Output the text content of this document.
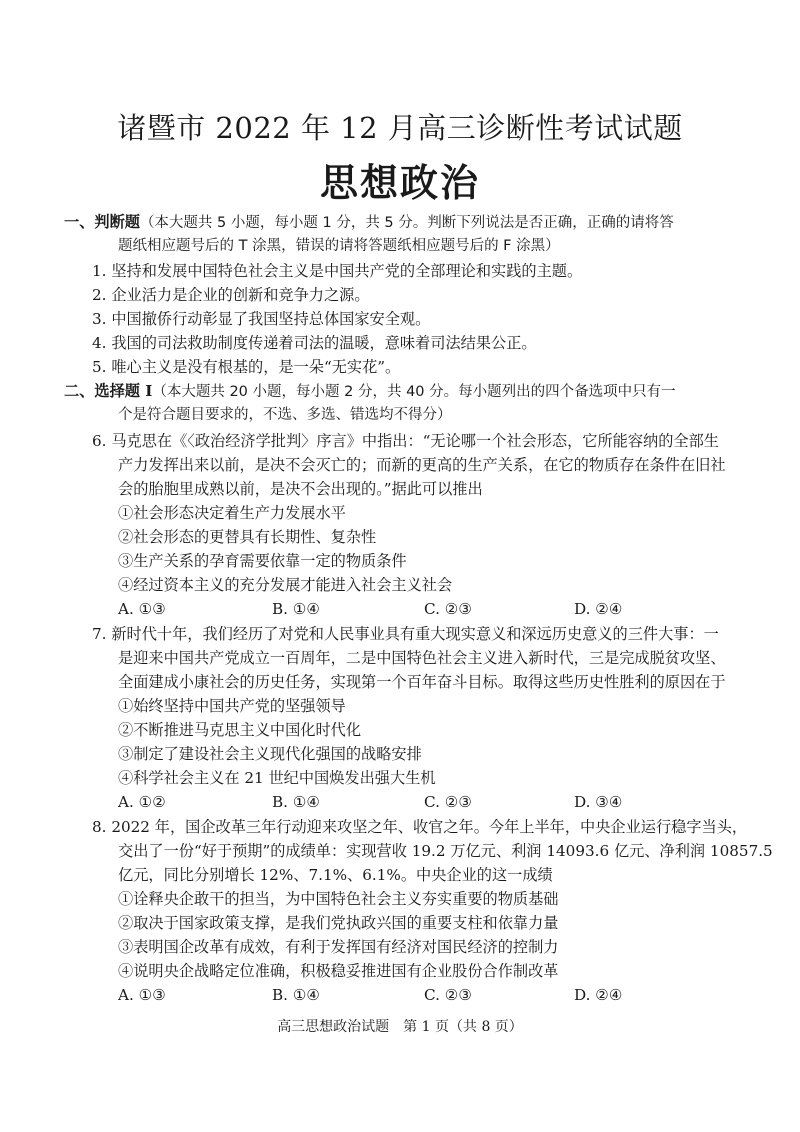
诸暨市 2022 年 12 月高三诊断性考试试题
思想政治
一、判断题（本大题共 5 小题，每小题 1 分，共 5 分。判断下列说法是否正确，正确的请将答
题纸相应题号后的 T 涂黑，错误的请将答题纸相应题号后的 F 涂黑）
1. 坚持和发展中国特色社会主义是中国共产党的全部理论和实践的主题。
2. 企业活力是企业的创新和竞争力之源。
3. 中国撤侨行动彰显了我国坚持总体国家安全观。
4. 我国的司法救助制度传递着司法的温暖，意味着司法结果公正。
5. 唯心主义是没有根基的，是一朵“无实花”。
二、选择题 I（本大题共 20 小题，每小题 2 分，共 40 分。每小题列出的四个备选项中只有一
个是符合题目要求的，不选、多选、错选均不得分）
6. 马克思在《〈政治经济学批判〉序言》中指出：“无论哪一个社会形态，它所能容纳的全部生
产力发挥出来以前，是决不会灭亡的；而新的更高的生产关系，在它的物质存在条件在旧社
会的胎胞里成熟以前，是决不会出现的。”据此可以推出
①社会形态决定着生产力发展水平
②社会形态的更替具有长期性、复杂性
③生产关系的孕育需要依靠一定的物质条件
④经过资本主义的充分发展才能进入社会主义社会
A. ①③	B. ①④	C. ②③	D. ②④
7. 新时代十年，我们经历了对党和人民事业具有重大现实意义和深远历史意义的三件大事：一
是迎来中国共产党成立一百周年，二是中国特色社会主义进入新时代，三是完成脱贫攻坚、
全面建成小康社会的历史任务，实现第一个百年奋斗目标。取得这些历史性胜利的原因在于
①始终坚持中国共产党的坚强领导
②不断推进马克思主义中国化时代化
③制定了建设社会主义现代化强国的战略安排
④科学社会主义在 21 世纪中国焕发出强大生机
A. ①②	B. ①④	C. ②③	D. ③④
8. 2022 年，国企改革三年行动迎来攻坚之年、收官之年。今年上半年，中央企业运行稳字当头，
交出了一份“好于预期”的成绩单：实现营收 19.2 万亿元、利润 14093.6 亿元、净利润 10857.5
亿元，同比分别增长 12%、7.1%、6.1%。中央企业的这一成绩
①诠释央企敢干的担当，为中国特色社会主义夯实重要的物质基础
②取决于国家政策支撑，是我们党执政兴国的重要支柱和依靠力量
③表明国企改革有成效，有利于发挥国有经济对国民经济的控制力
④说明央企战略定位准确，积极稳妥推进国有企业股份合作制改革
A. ①③	B. ①④	C. ②③	D. ②④
高三思想政治试题　第 1 页（共 8 页）
